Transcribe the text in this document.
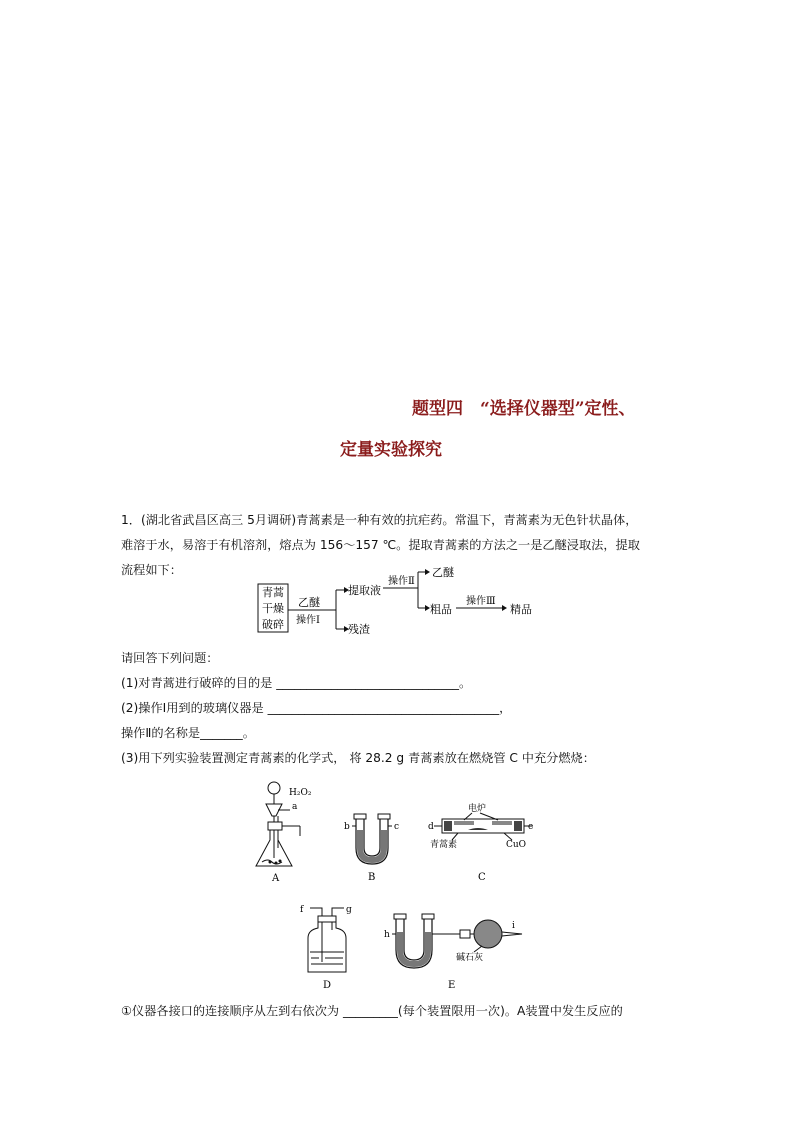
题型四　“选择仪器型”定性、
定量实验探究
1．(湖北省武昌区高三 5月调研)青蒿素是一种有效的抗疟药。常温下，青蒿素为无色针状晶体，
难溶于水，易溶于有机溶剂，熔点为 156～157 ℃。提取青蒿素的方法之一是乙醚浸取法，提取
流程如下：
青蒿
干燥
破碎
乙醚
操作Ⅰ
提取液
残渣
操作Ⅱ
乙醚
粗品
操作Ⅲ
精品
请回答下列问题：
(1)对青蒿进行破碎的目的是 ______________________________。
(2)操作Ⅰ用到的玻璃仪器是 ______________________________________，
操作Ⅱ的名称是_______。
(3)用下列实验装置测定青蒿素的化学式， 将 28.2 g 青蒿素放在燃烧管 C 中充分燃烧：
H₂O₂
a
A
b	c
B
电炉
d	e
青蒿素	CuO
C
f	g
D
h
i
碱石灰
E
①仪器各接口的连接顺序从左到右依次为 _________(每个装置限用一次)。A装置中发生反应的
